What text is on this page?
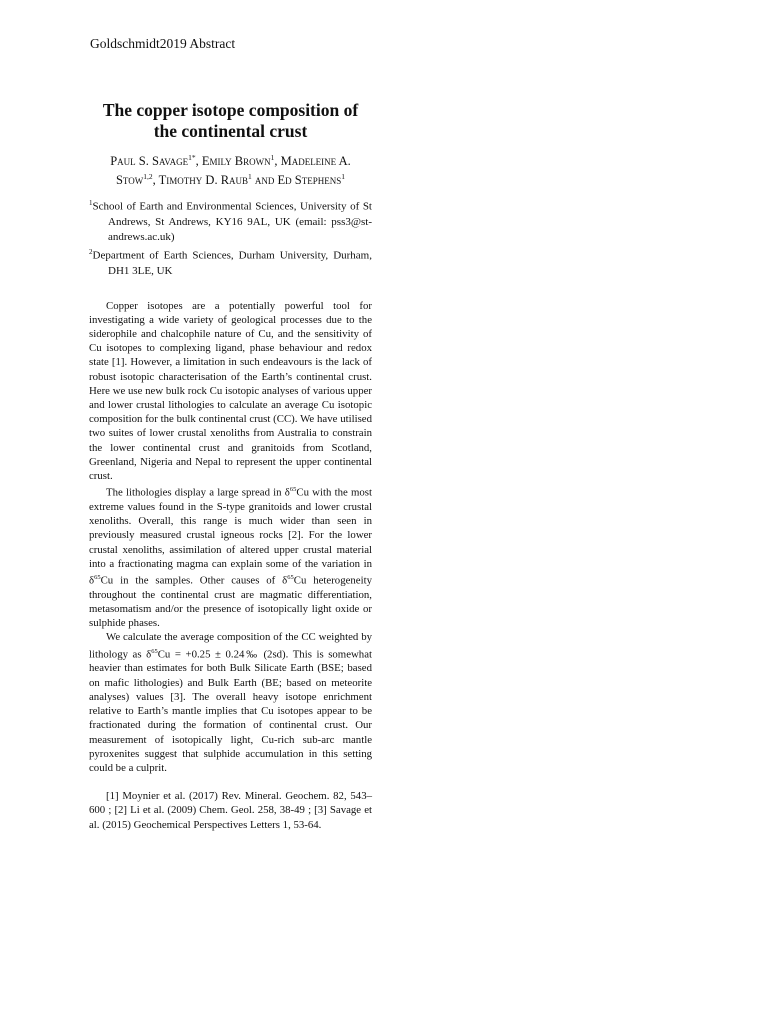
Goldschmidt2019 Abstract
The copper isotope composition of the continental crust
Paul S. Savage$^{1*}$, Emily Brown$^1$, Madeleine A. Stow$^{1,2}$, Timothy D. Raub$^1$ and Ed Stephens$^1$
$^1$School of Earth and Environmental Sciences, University of St Andrews, St Andrews, KY16 9AL, UK (email: pss3@st-andrews.ac.uk)
$^2$Department of Earth Sciences, Durham University, Durham, DH1 3LE, UK

Copper isotopes are a potentially powerful tool for investigating a wide variety of geological processes due to the siderophile and chalcophile nature of Cu, and the sensitivity of Cu isotopes to complexing ligand, phase behaviour and redox state [1]. However, a limitation in such endeavours is the lack of robust isotopic characterisation of the Earth’s continental crust. Here we use new bulk rock Cu isotopic analyses of various upper and lower crustal lithologies to calculate an average Cu isotopic composition for the bulk continental crust (CC). We have utilised two suites of lower crustal xenoliths from Australia to constrain the lower continental crust and granitoids from Scotland, Greenland, Nigeria and Nepal to represent the upper continental crust.

The lithologies display a large spread in $\delta^{65}Cu$ with the most extreme values found in the S-type granitoids and lower crustal xenoliths. Overall, this range is much wider than seen in previously measured crustal igneous rocks [2]. For the lower crustal xenoliths, assimilation of altered upper crustal material into a fractionating magma can explain some of the variation in $\delta^{65}Cu$ in the samples. Other causes of $\delta^{65}Cu$ heterogeneity throughout the continental crust are magmatic differentiation, metasomatism and/or the presence of isotopically light oxide or sulphide phases.

We calculate the average composition of the CC weighted by lithology as $\delta^{65}Cu = +0.25$ ± 0.24‰ (2sd). This is somewhat heavier than estimates for both Bulk Silicate Earth (BSE; based on mafic lithologies) and Bulk Earth (BE; based on meteorite analyses) values [3]. The overall heavy isotope enrichment relative to Earth’s mantle implies that Cu isotopes appear to be fractionated during the formation of continental crust. Our measurement of isotopically light, Cu-rich sub-arc mantle pyroxenites suggest that sulphide accumulation in this setting could be a culprit.

[1] Moynier et al. (2017) Rev. Mineral. Geochem. 82, 543–600 ; [2] Li et al. (2009) Chem. Geol. 258, 38-49 ; [3] Savage et al. (2015) Geochemical Perspectives Letters 1, 53-64.
